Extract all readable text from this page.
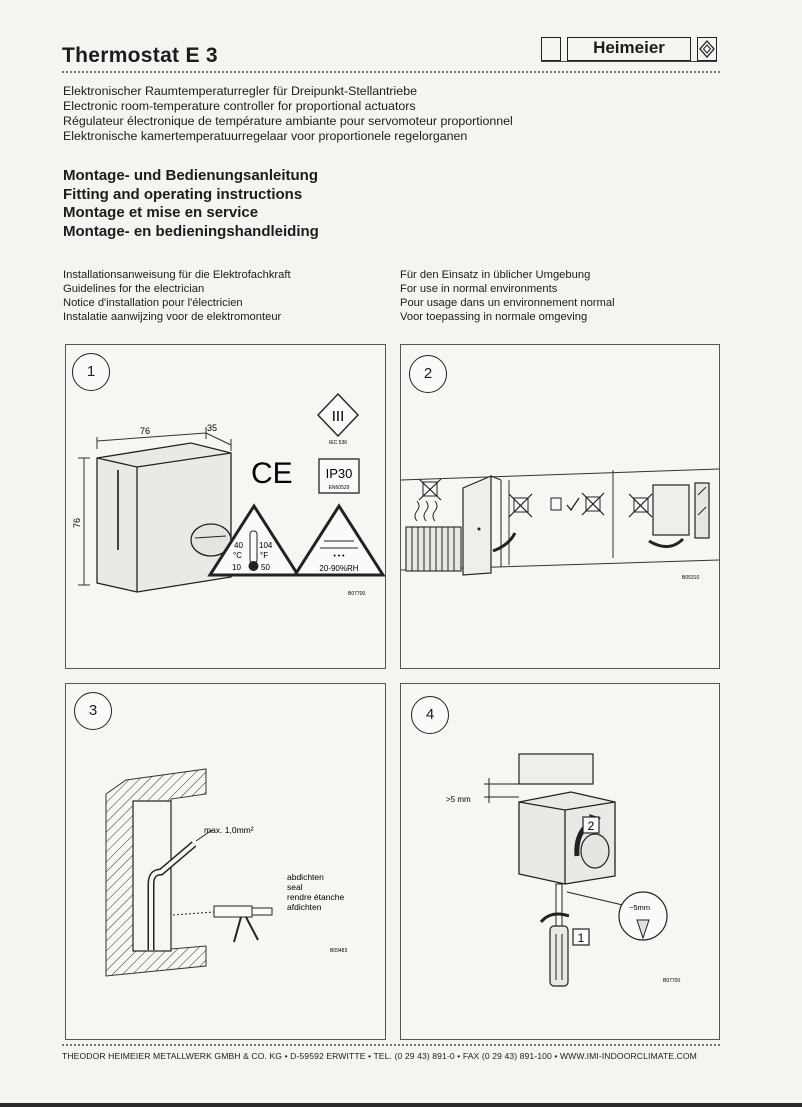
Thermostat E 3	Heimeier
Elektronischer Raumtemperaturregler für Dreipunkt-Stellantriebe
Electronic room-temperature controller for proportional actuators
Régulateur électronique de température ambiante pour servomoteur proportionnel
Elektronische kamertemperatuurregelaar voor proportionele regelorganen
Montage- und Bedienungsanleitung
Fitting and operating instructions
Montage et mise en service
Montage- en bedieningshandleiding
Installationsanweisung für die Elektrofachkraft
Guidelines for the electrician
Notice d'installation pour l'électricien
Instalatie aanwijzing voor de elektromonteur
Für den Einsatz in üblicher Umgebung
For use in normal environments
Pour usage dans un environnement normal
Voor toepassing in normale omgeving
1
76	35
76
III
IEC 536
CE	IP30
EN60529
40 104
°C °F
10	50
• • •
20-90%RH
B07700
2
B05310
3
max. 1,0mm²
abdichten
seal
rendre étanche
afdichten
B09483
4
>5 mm
2
1
~5mm
B07700
THEODOR HEIMEIER METALLWERK GMBH & CO. KG • D-59592 ERWITTE • TEL. (0 29 43) 891-0 • FAX (0 29 43) 891-100 • WWW.IMI-INDOORCLIMATE.COM
